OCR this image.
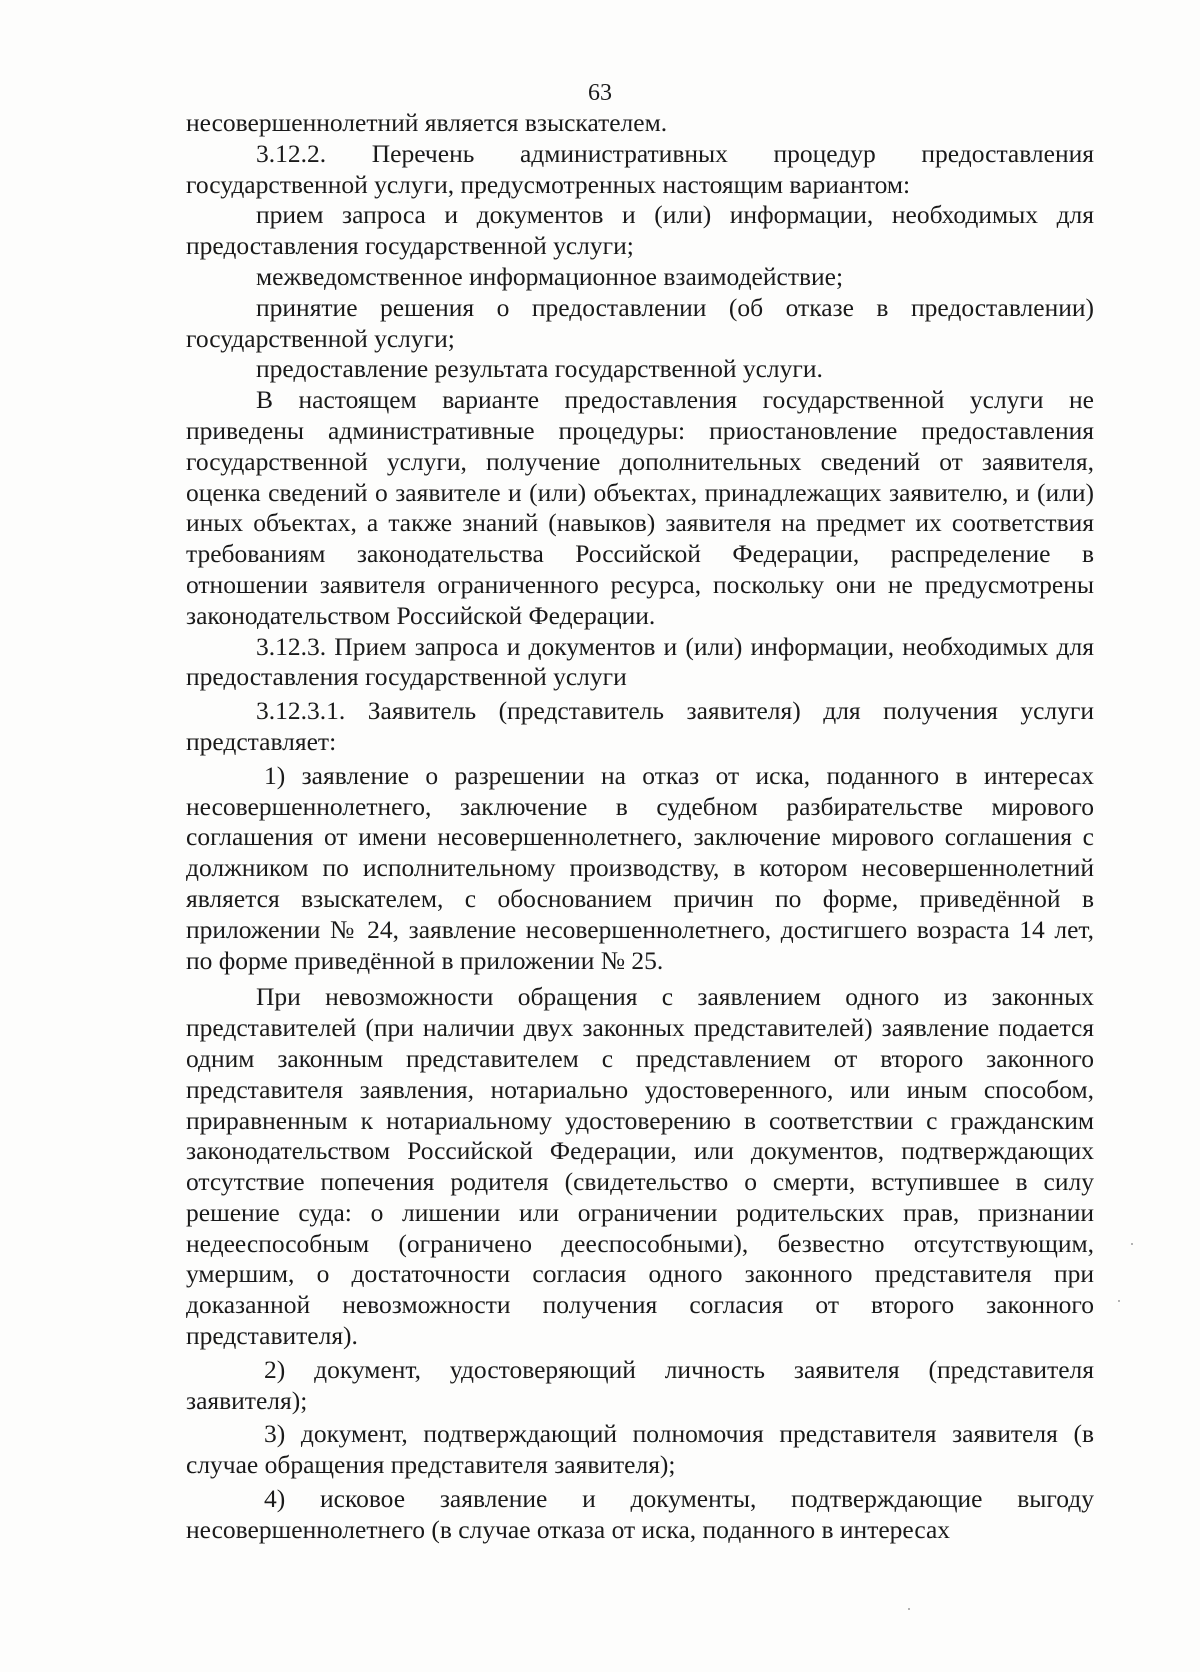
63

несовершеннолетний является взыскателем.

3.12.2. Перечень административных процедур предоставления государственной услуги, предусмотренных настоящим вариантом:

прием запроса и документов и (или) информации, необходимых для предоставления государственной услуги;

межведомственное информационное взаимодействие;

принятие решения о предоставлении (об отказе в предоставлении) государственной услуги;

предоставление результата государственной услуги.

В настоящем варианте предоставления государственной услуги не приведены административные процедуры: приостановление предоставления государственной услуги, получение дополнительных сведений от заявителя, оценка сведений о заявителе и (или) объектах, принадлежащих заявителю, и (или) иных объектах, а также знаний (навыков) заявителя на предмет их соответствия требованиям законодательства Российской Федерации, распределение в отношении заявителя ограниченного ресурса, поскольку они не предусмотрены законодательством Российской Федерации.

3.12.3. Прием запроса и документов и (или) информации, необходимых для предоставления государственной услуги

3.12.3.1. Заявитель (представитель заявителя) для получения услуги представляет:

1) заявление о разрешении на отказ от иска, поданного в интересах несовершеннолетнего, заключение в судебном разбирательстве мирового соглашения от имени несовершеннолетнего, заключение мирового соглашения с должником по исполнительному производству, в котором несовершеннолетний является взыскателем, с обоснованием причин по форме, приведённой в приложении № 24, заявление несовершеннолетнего, достигшего возраста 14 лет, по форме приведённой в приложении № 25.

При невозможности обращения с заявлением одного из законных представителей (при наличии двух законных представителей) заявление подается одним законным представителем с представлением от второго законного представителя заявления, нотариально удостоверенного, или иным способом, приравненным к нотариальному удостоверению в соответствии с гражданским законодательством Российской Федерации, или документов, подтверждающих отсутствие попечения родителя (свидетельство о смерти, вступившее в силу решение суда: о лишении или ограничении родительских прав, признании недееспособным (ограничено дееспособными), безвестно отсутствующим, умершим, о достаточности согласия одного законного представителя при доказанной невозможности получения согласия от второго законного представителя).

2) документ, удостоверяющий личность заявителя (представителя заявителя);

3) документ, подтверждающий полномочия представителя заявителя (в случае обращения представителя заявителя);

4) исковое заявление и документы, подтверждающие выгоду несовершеннолетнего (в случае отказа от иска, поданного в интересах
